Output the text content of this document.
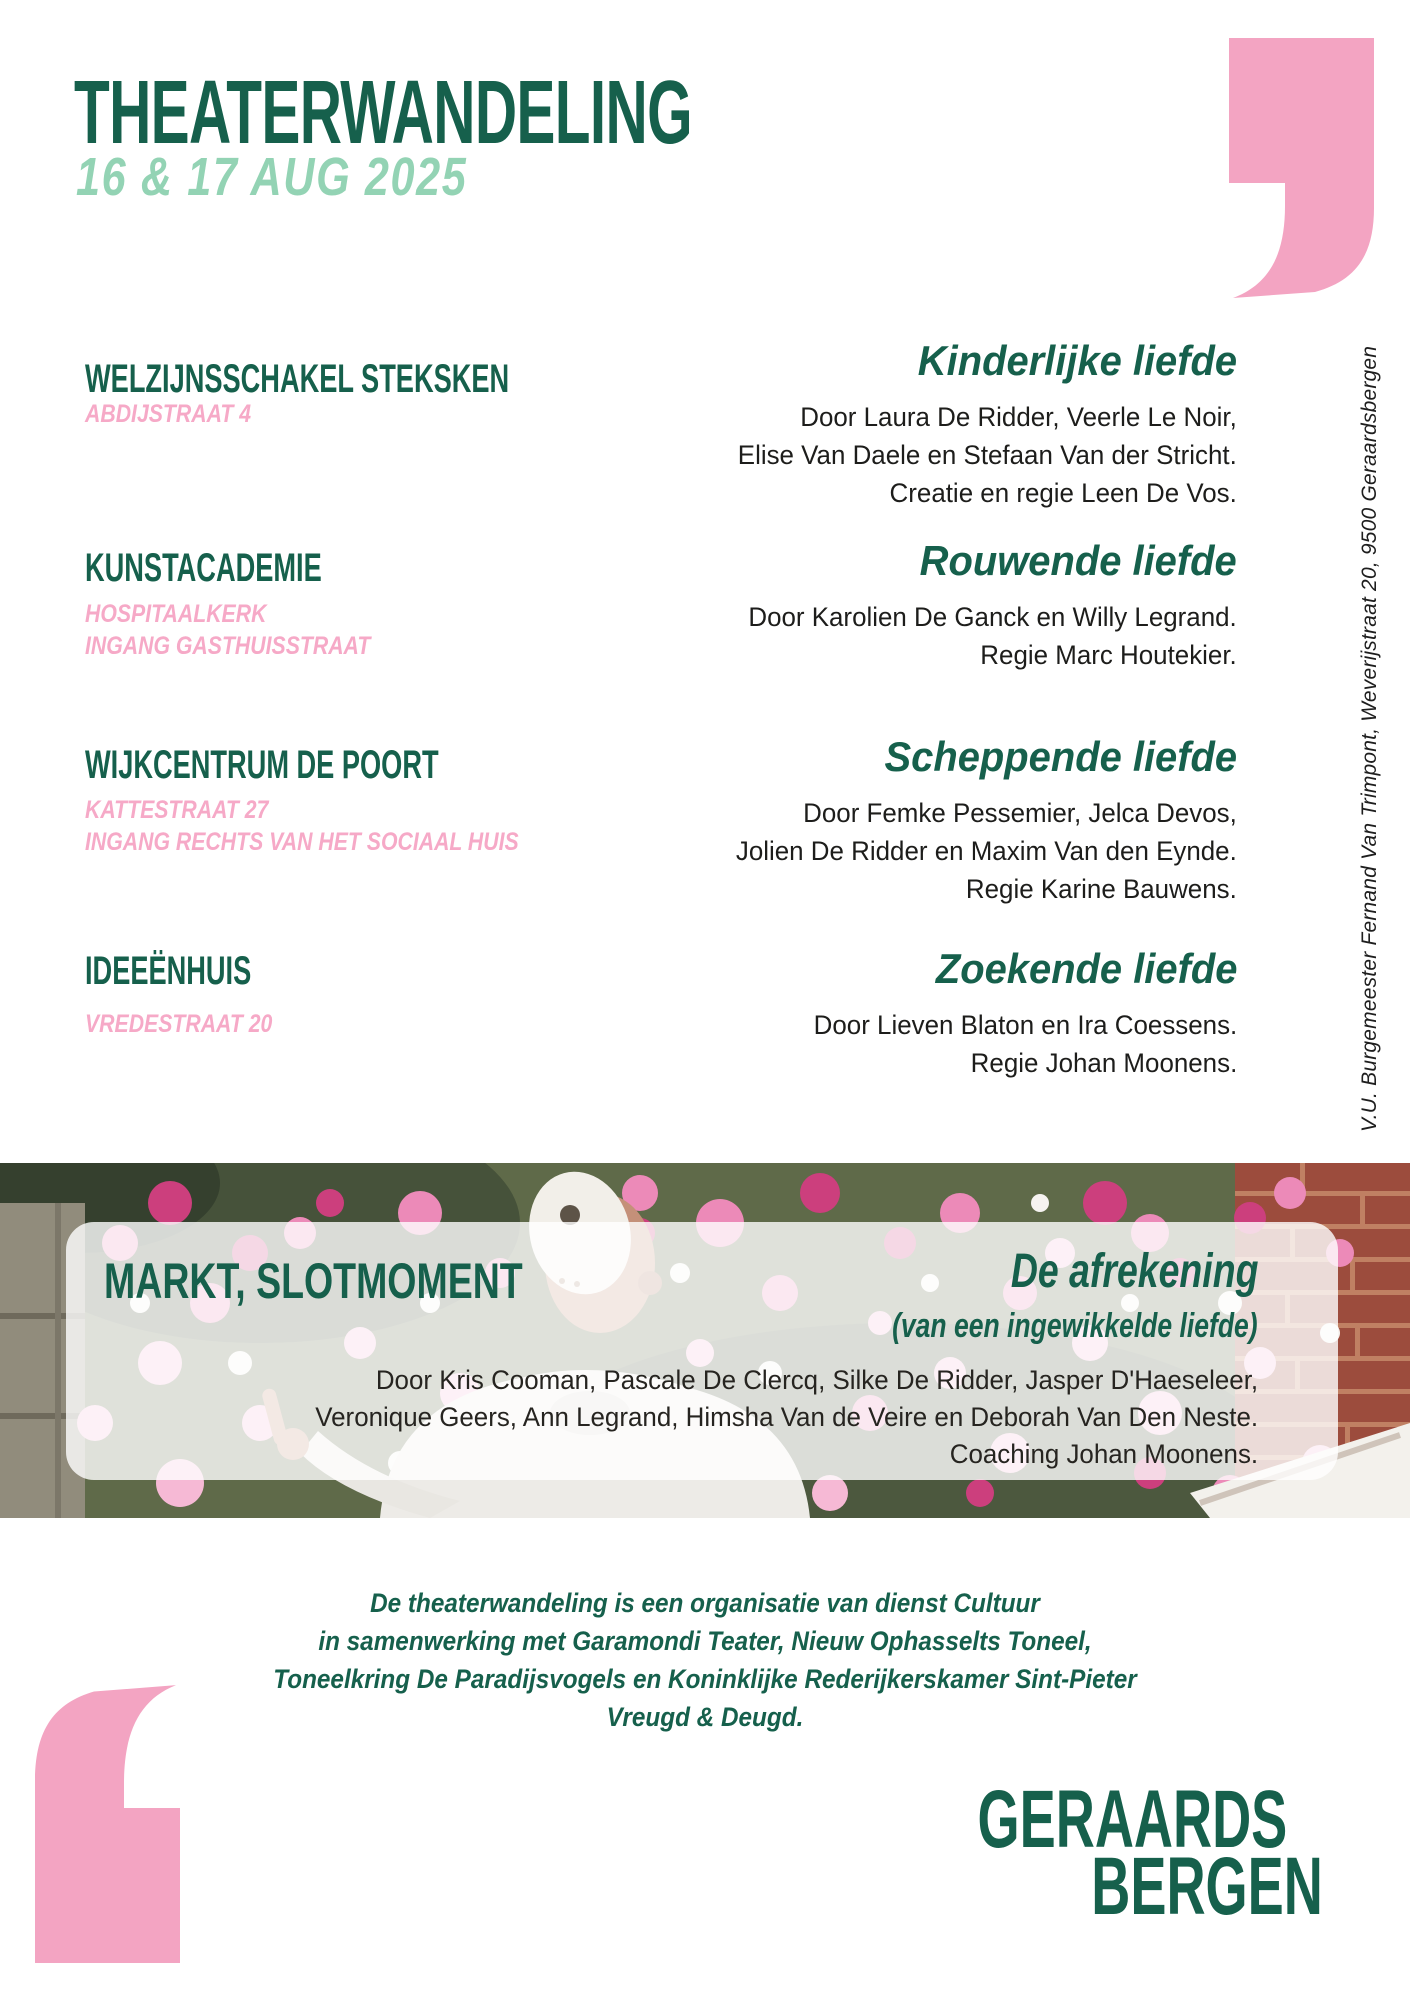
THEATERWANDELING
16 & 17 AUG 2025
V.U. Burgemeester Fernand Van Trimpont, Weverijstraat 20, 9500 Geraardsbergen
WELZIJNSSCHAKEL STEKSKEN
ABDIJSTRAAT 4
Kinderlijke liefde
Door Laura De Ridder, Veerle Le Noir,
Elise Van Daele en Stefaan Van der Stricht.
Creatie en regie Leen De Vos.
KUNSTACADEMIE
HOSPITAALKERK
INGANG GASTHUISSTRAAT
Rouwende liefde
Door Karolien De Ganck en Willy Legrand.
Regie Marc Houtekier.
WIJKCENTRUM DE POORT
KATTESTRAAT 27
INGANG RECHTS VAN HET SOCIAAL HUIS
Scheppende liefde
Door Femke Pessemier, Jelca Devos,
Jolien De Ridder en Maxim Van den Eynde.
Regie Karine Bauwens.
IDEEËNHUIS
VREDESTRAAT 20
Zoekende liefde
Door Lieven Blaton en Ira Coessens.
Regie Johan Moonens.
MARKT, SLOTMOMENT	De afrekening
(van een ingewikkelde liefde)
Door Kris Cooman, Pascale De Clercq, Silke De Ridder, Jasper D'Haeseleer,
Veronique Geers, Ann Legrand, Himsha Van de Veire en Deborah Van Den Neste.
Coaching Johan Moonens.
De theaterwandeling is een organisatie van dienst Cultuur
in samenwerking met Garamondi Teater, Nieuw Ophasselts Toneel,
Toneelkring De Paradijsvogels en Koninklijke Rederijkerskamer Sint-Pieter
Vreugd & Deugd.
GERAARDS
BERGEN
